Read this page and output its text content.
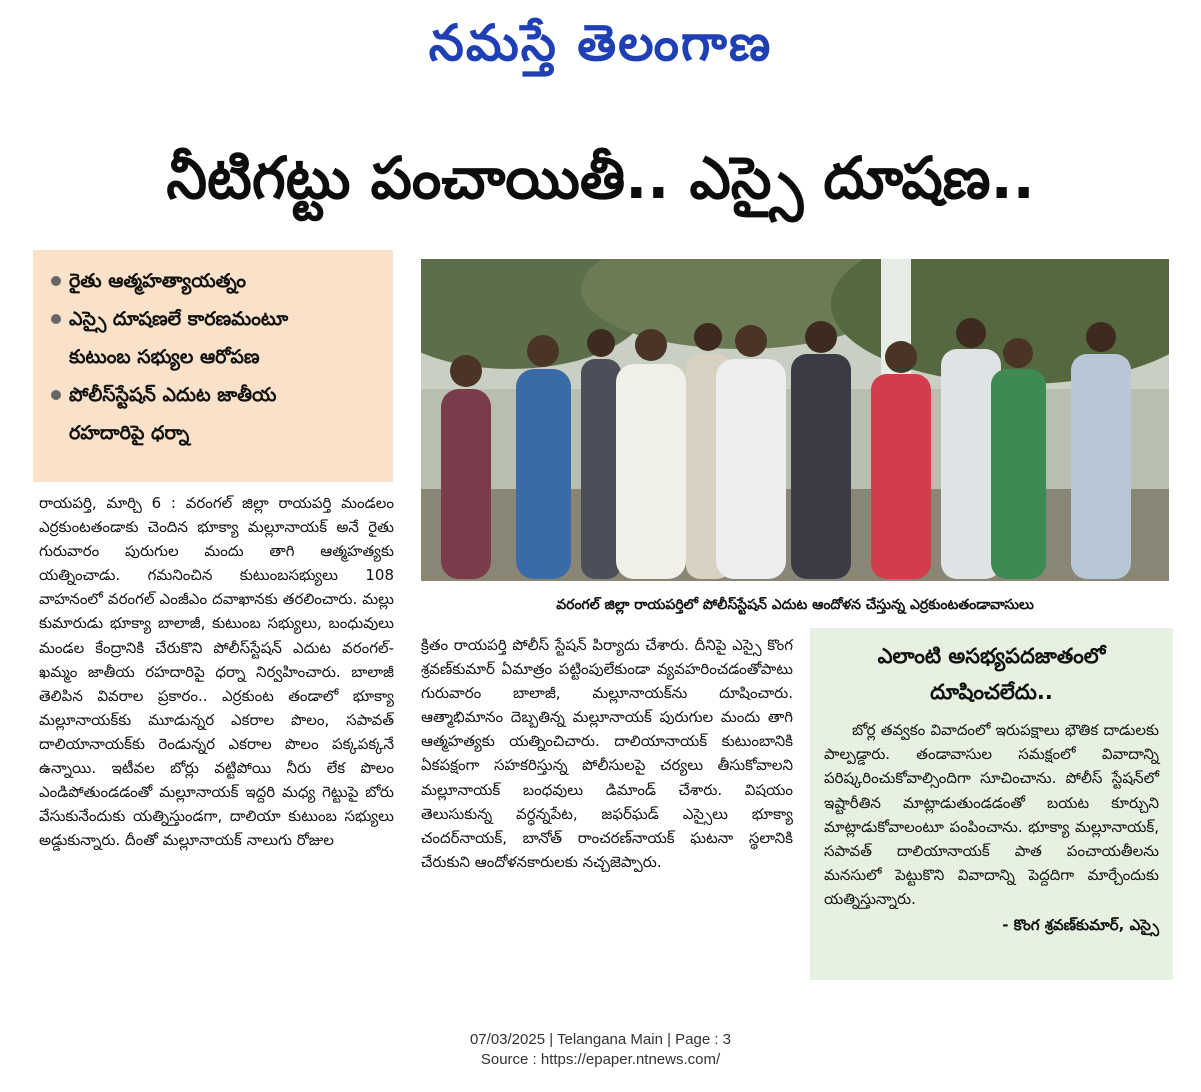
నమస్తే తెలంగాణ
నీటిగట్టు పంచాయితీ.. ఎస్సై దూషణ..
రైతు ఆత్మహత్యాయత్నం
ఎస్సై దూషణలే కారణమంటూ
కుటుంబ సభ్యుల ఆరోపణ
పోలీస్‌స్టేషన్ ఎదుట జాతీయ
రహదారిపై ధర్నా
వరంగల్ జిల్లా రాయపర్తిలో పోలీస్‌స్టేషన్ ఎదుట ఆందోళన చేస్తున్న ఎర్రకుంటతండావాసులు

రాయపర్తి, మార్చి 6 : వరంగల్ జిల్లా రాయపర్తి మండలం ఎర్రకుంటతండాకు చెందిన భూక్యా మల్లూనాయక్ అనే రైతు గురువారం పురుగుల మందు తాగి ఆత్మహత్యకు యత్నించాడు. గమనించిన కుటుంబసభ్యులు 108 వాహనంలో వరంగల్ ఎంజీఎం దవాఖానకు తరలించారు. మల్లు కుమారుడు భూక్యా బాలాజీ, కుటుంబ సభ్యులు, బంధువులు మండల కేంద్రానికి చేరుకొని పోలీస్‌స్టేషన్ ఎదుట వరంగల్-ఖమ్మం జాతీయ రహదారిపై ధర్నా నిర్వహించారు. బాలాజీ తెలిపిన వివరాల ప్రకారం.. ఎర్రకుంట తండాలో భూక్యా మల్లూనాయక్‌కు మూడున్నర ఎకరాల పొలం, సపావత్ దాలియానాయక్‌కు రెండున్నర ఎకరాల పొలం పక్కపక్కనే ఉన్నాయి. ఇటీవల బోర్లు వట్టిపోయి నీరు లేక పొలం ఎండిపోతుండడంతో మల్లూనాయక్ ఇద్దరి మధ్య గెట్టుపై బోరు వేసుకునేందుకు యత్నిస్తుండగా, దాలియా కుటుంబ సభ్యులు అడ్డుకున్నారు. దీంతో మల్లూనాయక్ నాలుగు రోజుల

క్రితం రాయపర్తి పోలీస్ స్టేషన్ పిర్యాదు చేశారు. దీనిపై ఎస్సై కొంగ శ్రవణ్‌కుమార్ ఏమాత్రం పట్టింపులేకుండా వ్యవహరించడంతోపాటు గురువారం బాలాజీ, మల్లూనాయక్‌ను దూషించారు. ఆత్మాభిమానం దెబ్బతిన్న మల్లూనాయక్ పురుగుల మందు తాగి ఆత్మహత్యకు యత్నించిచారు. దాలియానాయక్ కుటుంబానికి ఏకపక్షంగా సహకరిస్తున్న పోలీసులపై చర్యలు తీసుకోవాలని మల్లూనాయక్ బంధవులు డిమాండ్ చేశారు. విషయం తెలుసుకున్న వర్ధన్నపేట, జఫర్‌ఘడ్ ఎస్సైలు భూక్యా చందర్‌నాయక్, బానోత్ రాంచరణ్‌నాయక్ ఘటనా స్థలానికి చేరుకుని ఆందోళనకారులకు నచ్చజెప్పారు.

ఎలాంటి అసభ్యపదజాతంలో
దూషించలేదు..

బోర్ల తవ్వకం వివాదంలో ఇరుపక్షాలు భౌతిక దాడులకు పాల్పడ్డారు. తండావాసుల సమక్షంలో వివాదాన్ని పరిష్కరించుకోవాల్సిందిగా సూచించాను. పోలీస్ స్టేషన్‌లో ఇష్టారీతిన మాట్లాడుతుండడంతో బయట కూర్చుని మాట్లాడుకోవాలంటూ పంపించాను. భూక్యా మల్లూనాయక్, సపావత్ దాలియానాయక్ పాత పంచాయతీలను మనసులో పెట్టుకొని వివాదాన్ని పెద్దదిగా మార్చేందుకు యత్నిస్తున్నారు.

- కొంగ శ్రవణ్‌కుమార్, ఎస్సై
07/03/2025 | Telangana Main | Page : 3
Source : https://epaper.ntnews.com/
